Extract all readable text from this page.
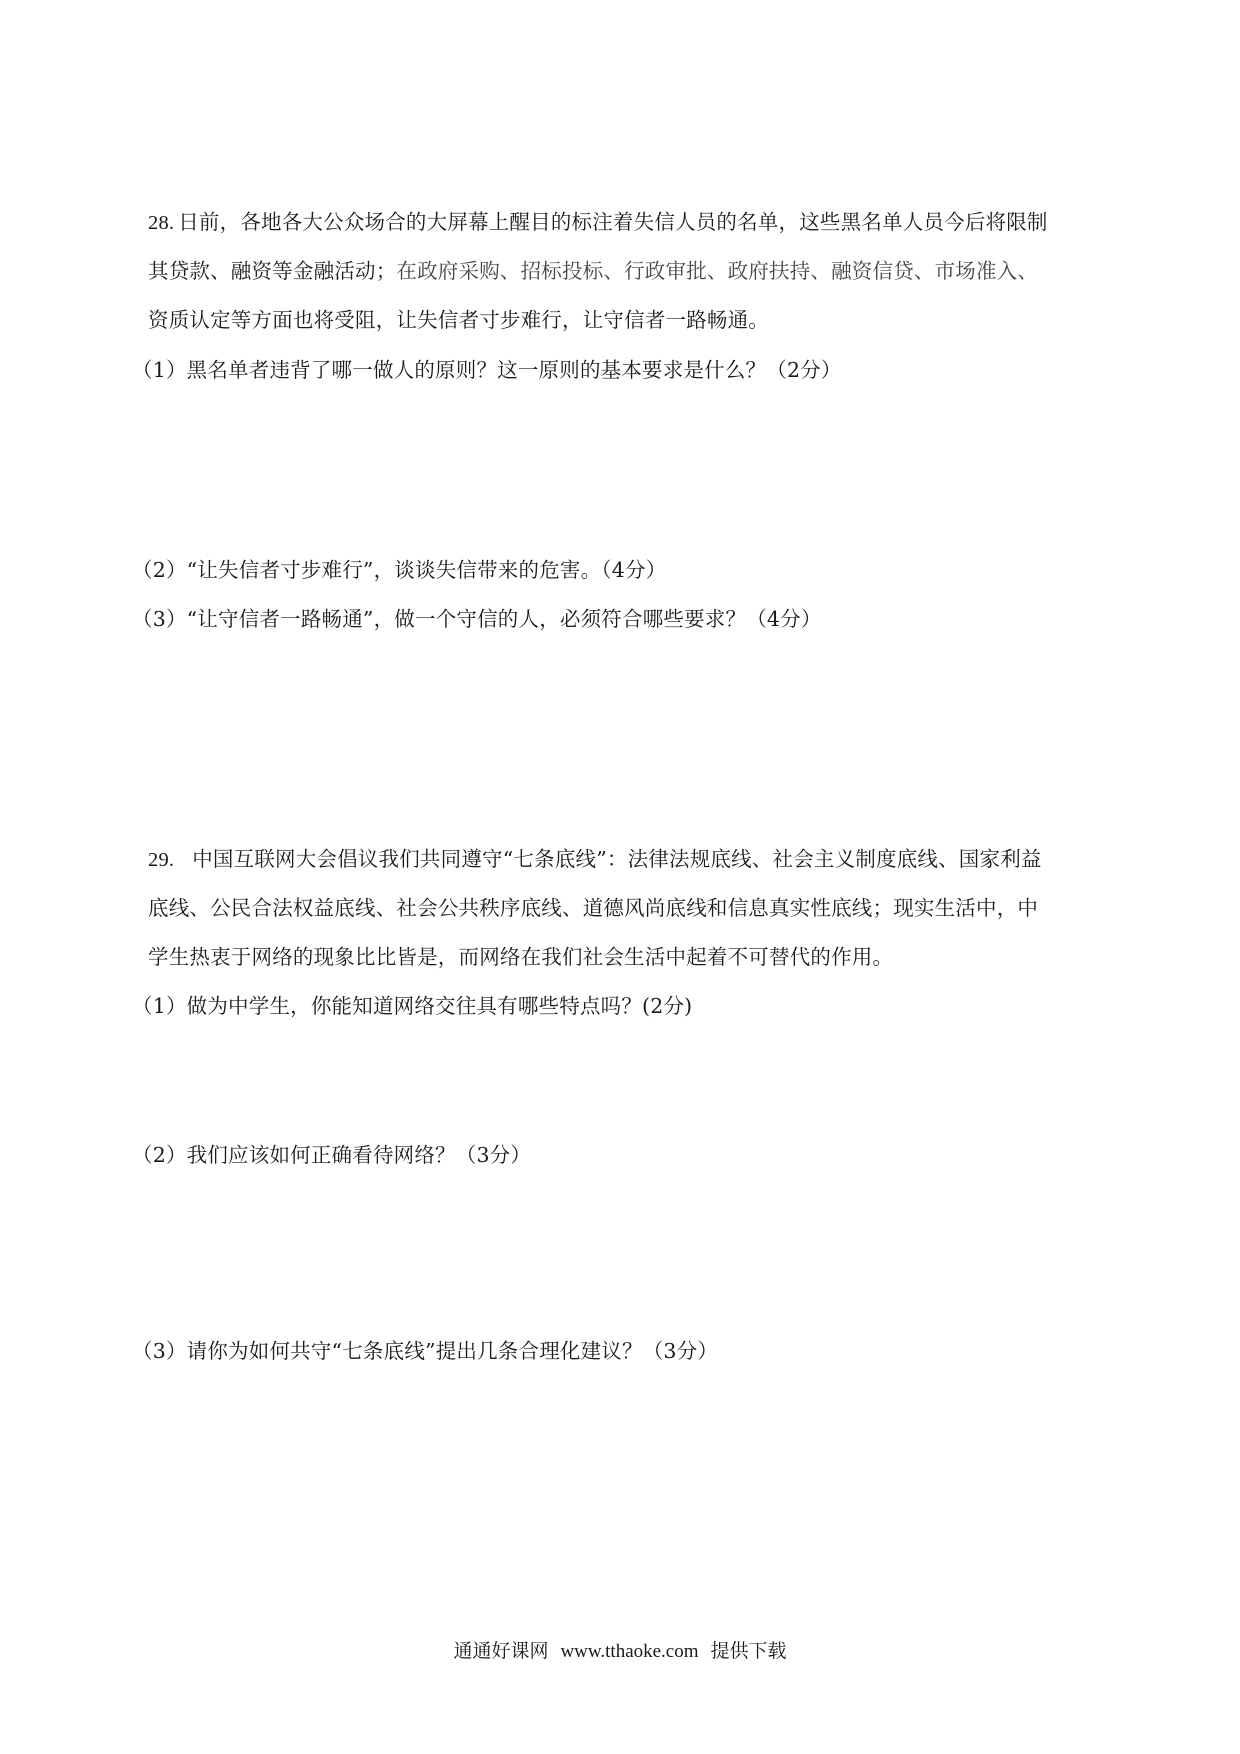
28. 日前，各地各大公众场合的大屏幕上醒目的标注着失信人员的名单，这些黑名单人员今后将限制
其贷款、融资等金融活动；在政府采购、招标投标、行政审批、政府扶持、融资信贷、市场准入、
资质认定等方面也将受阻，让失信者寸步难行，让守信者一路畅通。
（1）黑名单者违背了哪一做人的原则？这一原则的基本要求是什么？（2分）
（2）“让失信者寸步难行”，谈谈失信带来的危害。（4分）
（3）“让守信者一路畅通”，做一个守信的人，必须符合哪些要求？（4分）
29. 中国互联网大会倡议我们共同遵守“七条底线”：法律法规底线、社会主义制度底线、国家利益
底线、公民合法权益底线、社会公共秩序底线、道德风尚底线和信息真实性底线；现实生活中，中
学生热衷于网络的现象比比皆是，而网络在我们社会生活中起着不可替代的作用。
（1）做为中学生，你能知道网络交往具有哪些特点吗？(2分)
（2）我们应该如何正确看待网络？（3分）
（3）请你为如何共守“七条底线”提出几条合理化建议？（3分）
通通好课网 www.tthaoke.com 提供下载
